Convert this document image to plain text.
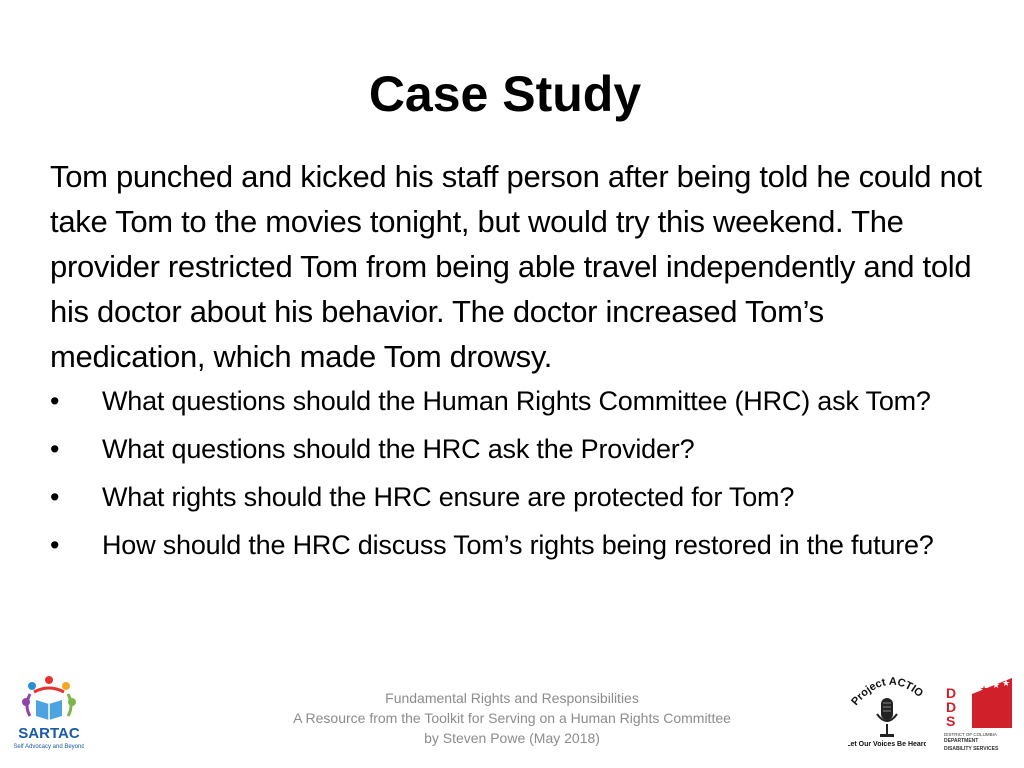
Case Study
Tom punched and kicked his staff person after being told he could not take Tom to the movies tonight, but would try this weekend. The provider restricted Tom from being able travel independently and told his doctor about his behavior. The doctor increased Tom’s medication, which made Tom drowsy.
• What questions should the Human Rights Committee (HRC) ask Tom?
• What questions should the HRC ask the Provider?
• What rights should the HRC ensure are protected for Tom?
• How should the HRC discuss Tom’s rights being restored in the future?
SARTAC
Self Advocacy and Beyond
Project ACTIO
Let Our Voices Be Heard
★ ★ ★
D
D
S
DISTRICT OF COLUMBIA
DEPARTMENT
DISABILITY SERVICES
Fundamental Rights and Responsibilities
A Resource from the Toolkit for Serving on a Human Rights Committee
by Steven Powe (May 2018)
